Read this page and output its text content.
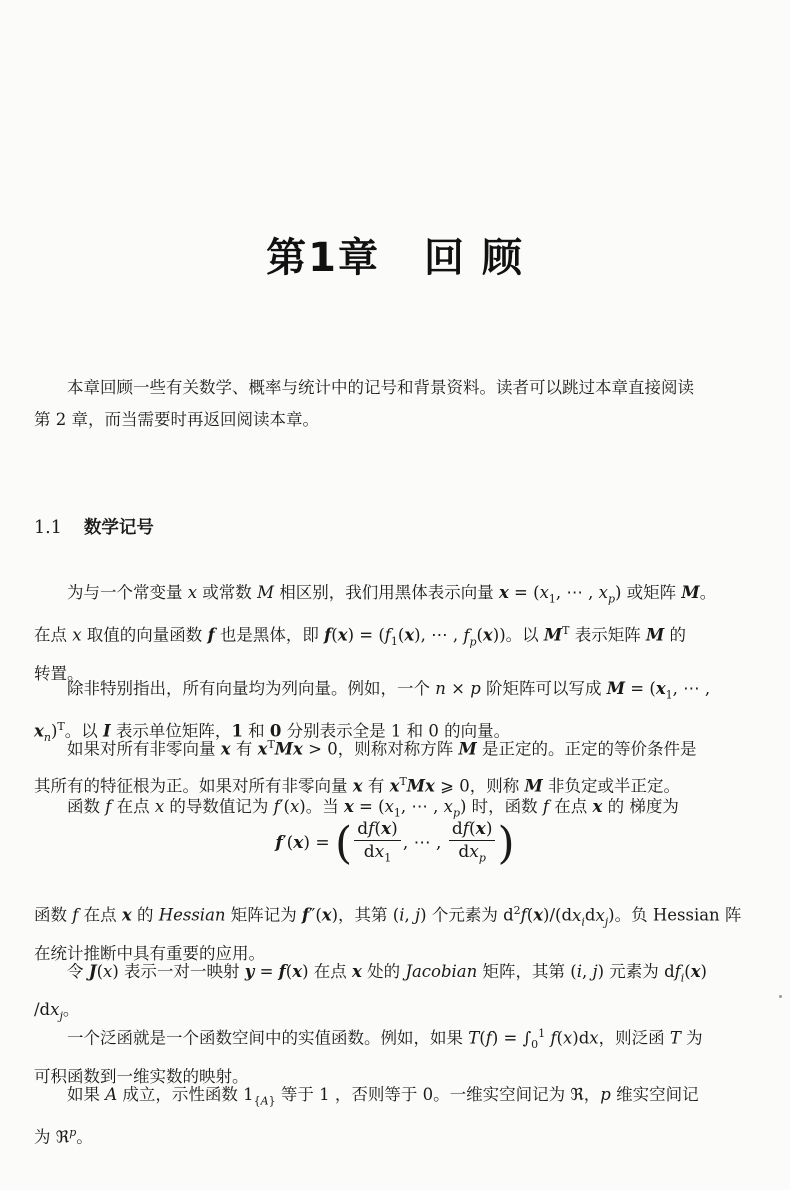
第1章 回 顾

本章回顾一些有关数学、概率与统计中的记号和背景资料。读者可以跳过本章直接阅读
第 2 章，而当需要时再返回阅读本章。

1.1 数学记号

为与一个常变量 x 或常数 M 相区别，我们用黑体表示向量 $x = (x_1$, ⋯ , $x_p$) 或矩阵 M。
在点 x 取值的向量函数 f 也是黑体，即 $f(x) = (f_1(x)$, ⋯ , $f_p(x)$)。以 $M^T$ 表示矩阵 M 的
转置。

除非特别指出，所有向量均为列向量。例如，一个 n × p 阶矩阵可以写成 $M = (x_1$, ⋯ ,
$x_n)^T$。以 I 表示单位矩阵，1 和 0 分别表示全是 1 和 0 的向量。

如果对所有非零向量 x 有 $x^TMx > 0$，则称对称方阵 M 是正定的。正定的等价条件是
其所有的特征根为正。如果对所有非零向量 x 有 $x^TMx$ ⩾ 0，则称 M 非负定或半正定。

函数 f 在点 x 的导数值记为 f′(x)。当 $x = (x_1$, ⋯ , $x_p$) 时，函数 f 在点 x 的 梯度为

f′(x) = ( $\frac{df(x)}{dx_1}$ , ⋯ , $\frac{df(x)}{dx_p}$ )

函数 f 在点 x 的 Hessian 矩阵记为 f″(x)，其第 (i, j) 个元素为 $d^2f(x)/(dx_idx_j)$。负 Hessian 阵
在统计推断中具有重要的应用。

令 J(x) 表示一对一映射 y = f(x) 在点 x 处的 Jacobian 矩阵，其第 (i, j) 元素为 $df_i(x)$
$/dx_j$。

一个泛函就是一个函数空间中的实值函数。例如，如果 $T(f) = \int_0^1$ f(x)dx，则泛函 T 为
可积函数到一维实数的映射。

如果 A 成立，示性函数 $1_{\{A\}}$ 等于 1 ，否则等于 0。一维实空间记为 ℜ，p 维实空间记
为 ℜ$^p$。
